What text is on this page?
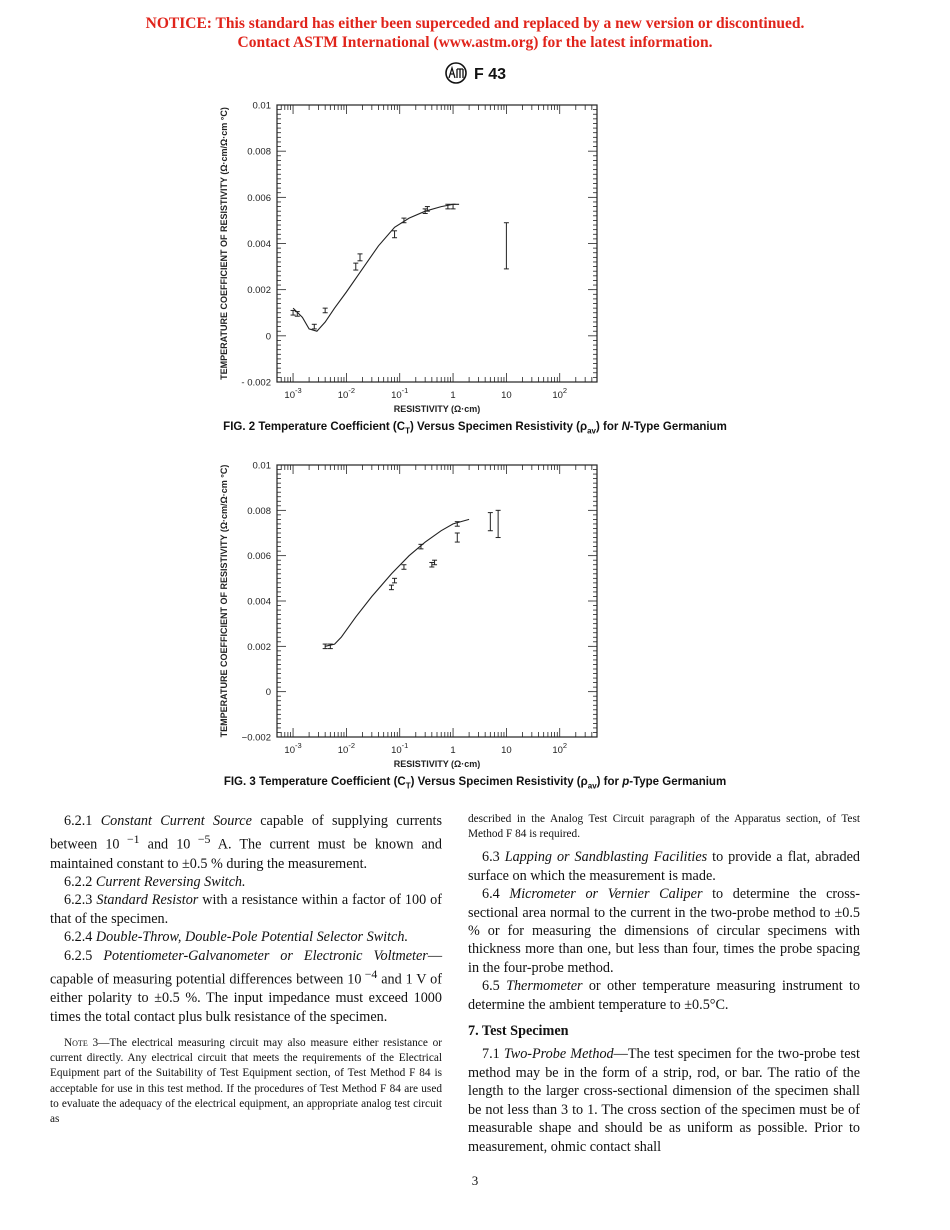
NOTICE: This standard has either been superceded and replaced by a new version or discontinued.
Contact ASTM International (www.astm.org) for the latest information.
F 43
0.01
0.008
0.006
0.004
0.002
0
- 0.002
$10^{-3}$	$10^{-2}$	$10^{-1}$	1	10	$10^2$
RESISTIVITY (Ω·cm)
TEMPERATURE COEFFICIENT OF RESISTIVITY (Ω·cm/Ω·cm °C)
FIG. 2 Temperature Coefficient $(C_T)$ Versus Specimen Resistivity $(\rho_{av})$ for N-Type Germanium
0.01
0.008
0.006
0.004
0.002
0
−0.002
$10^{-3}$	$10^{-2}$	$10^{-1}$	1	10	$10^2$
RESISTIVITY (Ω·cm)
TEMPERATURE COEFFICIENT OF RESISTIVITY (Ω·cm/Ω·cm °C)
FIG. 3 Temperature Coefficient $(C_T)$ Versus Specimen Resistivity $(\rho_{av})$ for p-Type Germanium

6.2.1 Constant Current Source capable of supplying currents between 10 $^{-1}$ and 10 $^{-5}$ A. The current must be known and maintained constant to ±0.5 % during the measurement.

6.2.2 Current Reversing Switch.

6.2.3 Standard Resistor with a resistance within a factor of 100 of that of the specimen.

6.2.4 Double-Throw, Double-Pole Potential Selector Switch.

6.2.5 Potentiometer-Galvanometer or Electronic Voltmeter—capable of measuring potential differences between 10 $^{-4}$ and 1 V of either polarity to ±0.5 %. The input impedance must exceed 1000 times the total contact plus bulk resistance of the specimen.

Note 3—The electrical measuring circuit may also measure either resistance or current directly. Any electrical circuit that meets the requirements of the Electrical Equipment part of the Suitability of Test Equipment section, of Test Method F 84 is acceptable for use in this test method. If the procedures of Test Method F 84 are used to evaluate the adequacy of the electrical equipment, an appropriate analog test circuit as

described in the Analog Test Circuit paragraph of the Apparatus section, of Test Method F 84 is required.

6.3 Lapping or Sandblasting Facilities to provide a flat, abraded surface on which the measurement is made.

6.4 Micrometer or Vernier Caliper to determine the cross-sectional area normal to the current in the two-probe method to ±0.5 % or for measuring the dimensions of circular specimens with thickness more than one, but less than four, times the probe spacing in the four-probe method.

6.5 Thermometer or other temperature measuring instrument to determine the ambient temperature to ±0.5°C.

7. Test Specimen

7.1 Two-Probe Method—The test specimen for the two-probe test method may be in the form of a strip, rod, or bar. The ratio of the length to the larger cross-sectional dimension of the specimen shall be not less than 3 to 1. The cross section of the specimen must be of measurable shape and should be as uniform as possible. Prior to measurement, ohmic contact shall

3
